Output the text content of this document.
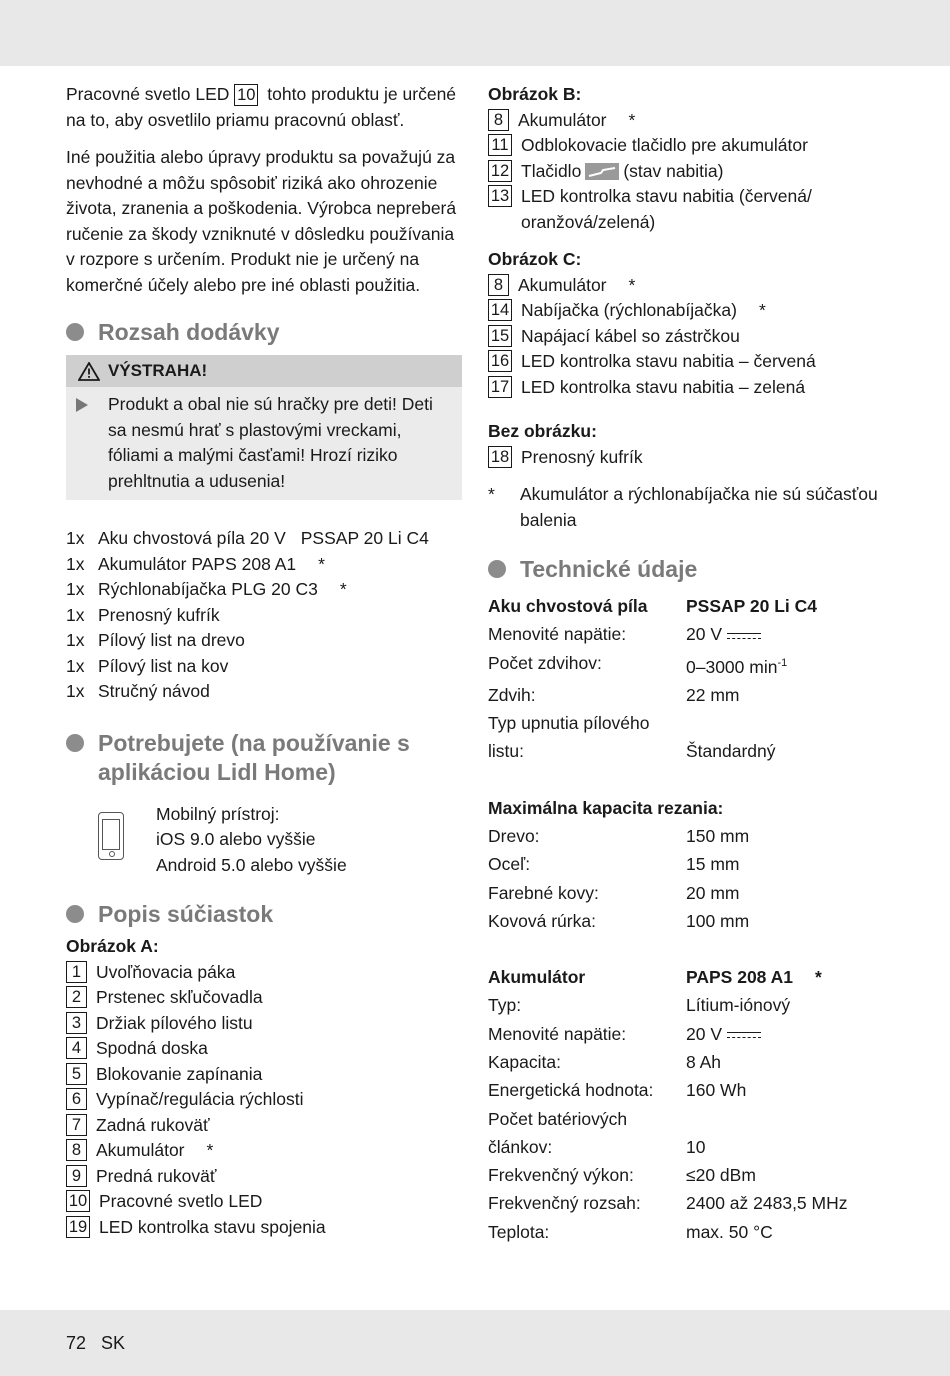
Pracovné svetlo LED 10 tohto produktu je určené na to, aby osvetlilo priamu pracovnú oblasť.

Iné použitia alebo úpravy produktu sa považujú za nevhodné a môžu spôsobiť riziká ako ohrozenie života, zranenia a poškodenia. Výrobca nepreberá ručenie za škody vzniknuté v dôsledku používania v rozpore s určením. Produkt nie je určený na komerčné účely alebo pre iné oblasti použitia.

Rozsah dodávky
VÝSTRAHA!
Produkt a obal nie sú hračky pre deti! Deti sa nesmú hrať s plastovými vreckami, fóliami a malými časťami! Hrozí riziko prehltnutia a udusenia!
1x Aku chvostová píla 20 V PSSAP 20 Li C4
1x Akumulátor PAPS 208 A1 *
1x Rýchlonabíjačka PLG 20 C3 *
1x Prenosný kufrík
1x Pílový list na drevo
1x Pílový list na kov
1x Stručný návod
Potrebujete (na používanie s aplikáciou Lidl Home)
Mobilný prístroj:
iOS 9.0 alebo vyššie
Android 5.0 alebo vyššie
Popis súčiastok
Obrázok A:
1 Uvoľňovacia páka
2 Prstenec skľučovadla
3 Držiak pílového listu
4 Spodná doska
5 Blokovanie zapínania
6 Vypínač/regulácia rýchlosti
7 Zadná rukoväť
8 Akumulátor *
9 Predná rukoväť
10 Pracovné svetlo LED
19 LED kontrolka stavu spojenia
Obrázok B:
8 Akumulátor *
11 Odblokovacie tlačidlo pre akumulátor
12 Tlačidlo (stav nabitia)
13 LED kontrolka stavu nabitia (červená/ oranžová/zelená)
Obrázok C:
8 Akumulátor *
14 Nabíjačka (rýchlonabíjačka) *
15 Napájací kábel so zástrčkou
16 LED kontrolka stavu nabitia – červená
17 LED kontrolka stavu nabitia – zelená
Bez obrázku:
18 Prenosný kufrík
*	Akumulátor a rýchlonabíjačka nie sú súčasťou balenia
Technické údaje
Aku chvostová píla	PSSAP 20 Li C4
Menovité napätie:	20 V
Počet zdvihov:	0–3000 $\min^{-1}$
Zdvih:	22 mm
Typ upnutia pílového listu:	Štandardný
Maximálna kapacita rezania:
Drevo:	150 mm
Oceľ:	15 mm
Farebné kovy:	20 mm
Kovová rúrka:	100 mm
Akumulátor	PAPS 208 A1 *
Typ:	Lítium-iónový
Menovité napätie:	20 V
Kapacita:	8 Ah
Energetická hodnota:	160 Wh
Počet batériových článkov:	10
Frekvenčný výkon:	≤20 dBm
Frekvenčný rozsah:	2400 až 2483,5 MHz
Teplota:	max. 50 °C
72 SK
